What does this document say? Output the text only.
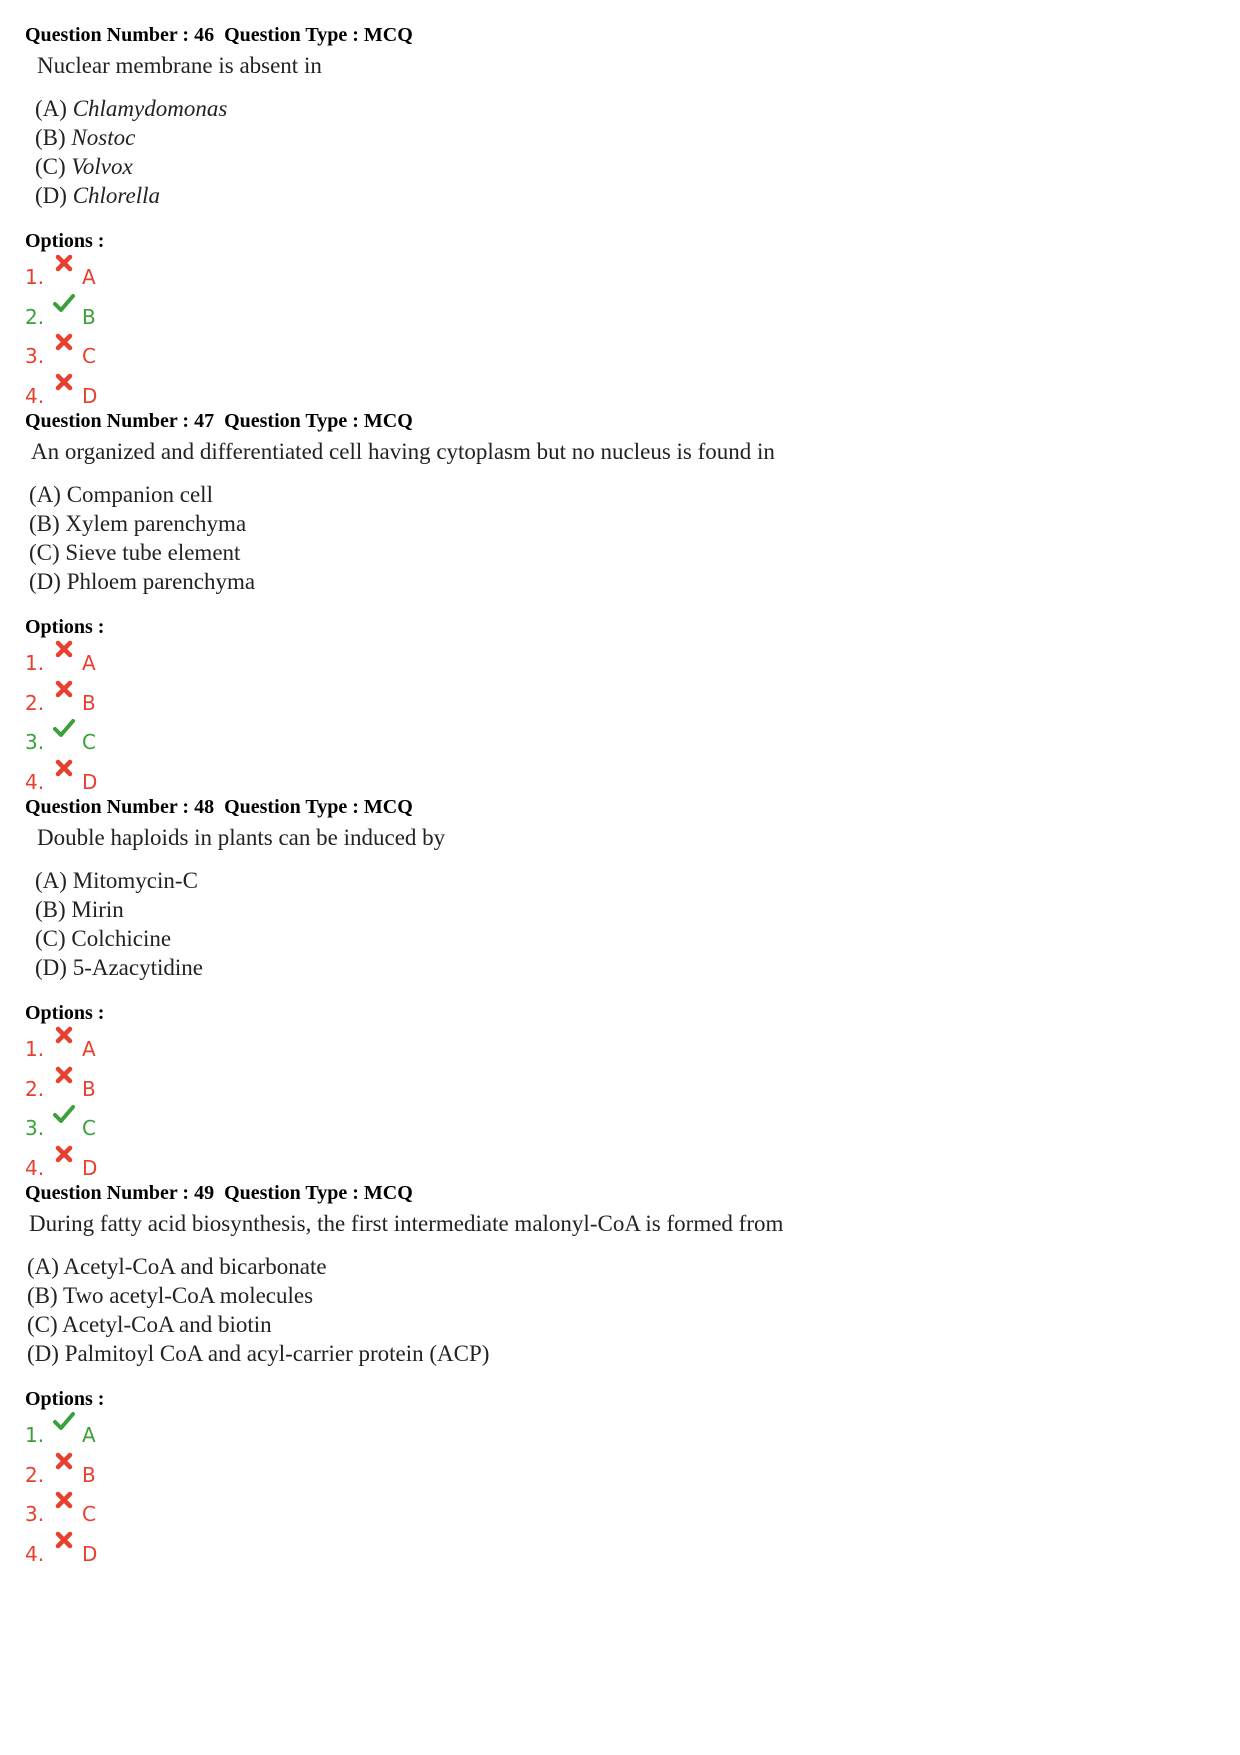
Question Number : 46  Question Type : MCQ
Nuclear membrane is absent in
(A) Chlamydomonas
(B) Nostoc
(C) Volvox
(D) Chlorella
Options :
1. A
2. B
3. C
4. D
Question Number : 47  Question Type : MCQ
An organized and differentiated cell having cytoplasm but no nucleus is found in
(A) Companion cell
(B) Xylem parenchyma
(C) Sieve tube element
(D) Phloem parenchyma
Options :
1. A
2. B
3. C
4. D
Question Number : 48  Question Type : MCQ
Double haploids in plants can be induced by
(A) Mitomycin-C
(B) Mirin
(C) Colchicine
(D) 5-Azacytidine
Options :
1. A
2. B
3. C
4. D
Question Number : 49  Question Type : MCQ
During fatty acid biosynthesis, the first intermediate malonyl-CoA is formed from
(A) Acetyl-CoA and bicarbonate
(B) Two acetyl-CoA molecules
(C) Acetyl-CoA and biotin
(D) Palmitoyl CoA and acyl-carrier protein (ACP)
Options :
1. A
2. B
3. C
4. D
